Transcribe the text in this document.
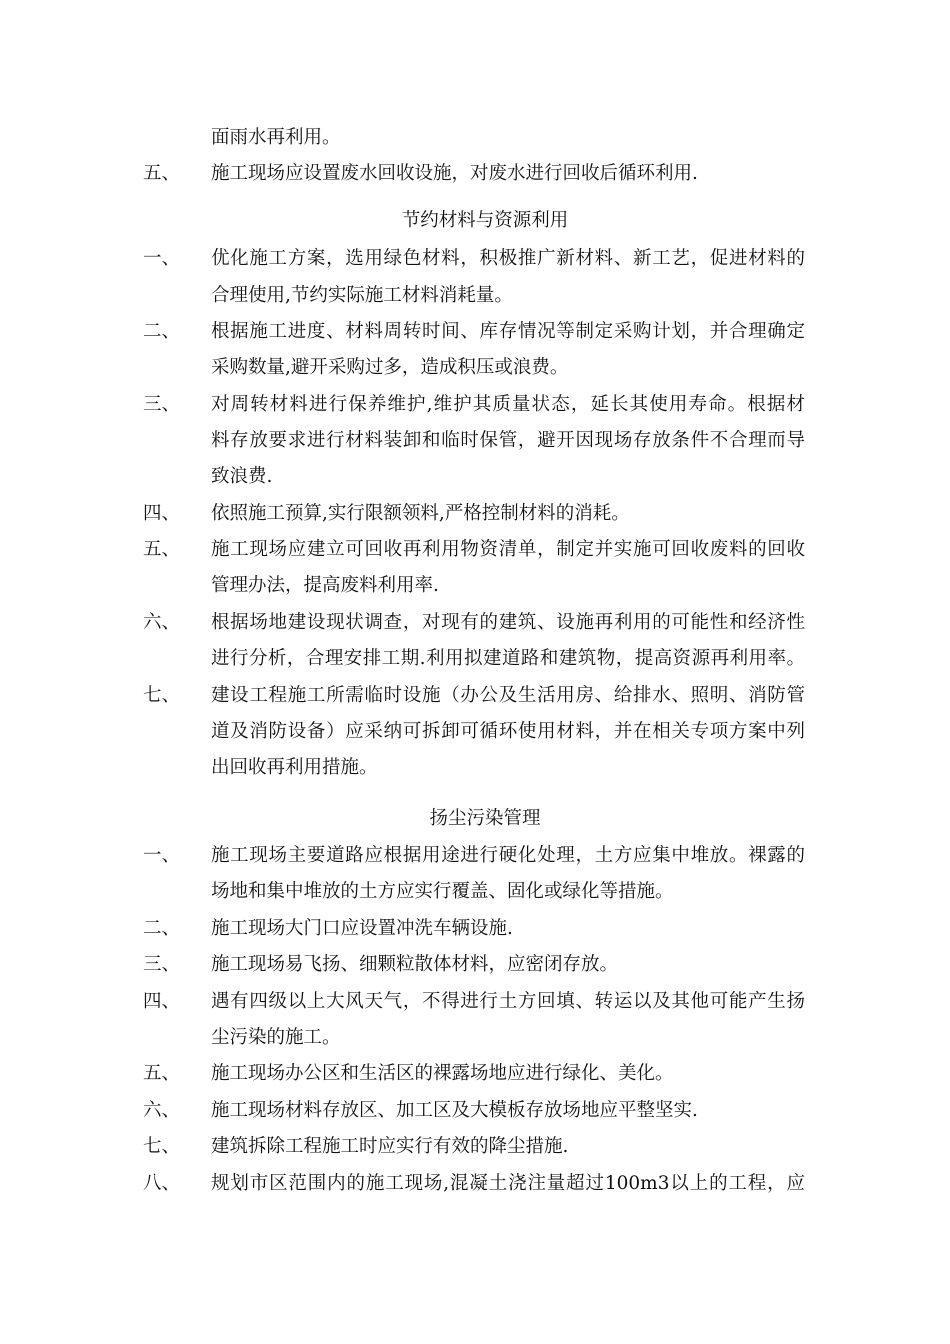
面雨水再利用。
五、 施工现场应设置废水回收设施，对废水进行回收后循环利用.
节约材料与资源利用
一、 优化施工方案，选用绿色材料，积极推广新材料、新工艺，促进材料的
合理使用,节约实际施工材料消耗量。
二、 根据施工进度、材料周转时间、库存情况等制定采购计划，并合理确定
采购数量,避开采购过多，造成积压或浪费。
三、 对周转材料进行保养维护,维护其质量状态，延长其使用寿命。根据材
料存放要求进行材料装卸和临时保管，避开因现场存放条件不合理而导
致浪费.
四、 依照施工预算,实行限额领料,严格控制材料的消耗。
五、 施工现场应建立可回收再利用物资清单，制定并实施可回收废料的回收
管理办法，提高废料利用率.
六、 根据场地建设现状调查，对现有的建筑、设施再利用的可能性和经济性
进行分析，合理安排工期.利用拟建道路和建筑物，提高资源再利用率。
七、 建设工程施工所需临时设施（办公及生活用房、给排水、照明、消防管
道及消防设备）应采纳可拆卸可循环使用材料，并在相关专项方案中列
出回收再利用措施。
扬尘污染管理
一、 施工现场主要道路应根据用途进行硬化处理，土方应集中堆放。裸露的
场地和集中堆放的土方应实行覆盖、固化或绿化等措施。
二、 施工现场大门口应设置冲洗车辆设施.
三、 施工现场易飞扬、细颗粒散体材料，应密闭存放。
四、 遇有四级以上大风天气，不得进行土方回填、转运以及其他可能产生扬
尘污染的施工。
五、 施工现场办公区和生活区的裸露场地应进行绿化、美化。
六、 施工现场材料存放区、加工区及大模板存放场地应平整坚实.
七、 建筑拆除工程施工时应实行有效的降尘措施.
八、 规划市区范围内的施工现场,混凝土浇注量超过100m3以上的工程，应
